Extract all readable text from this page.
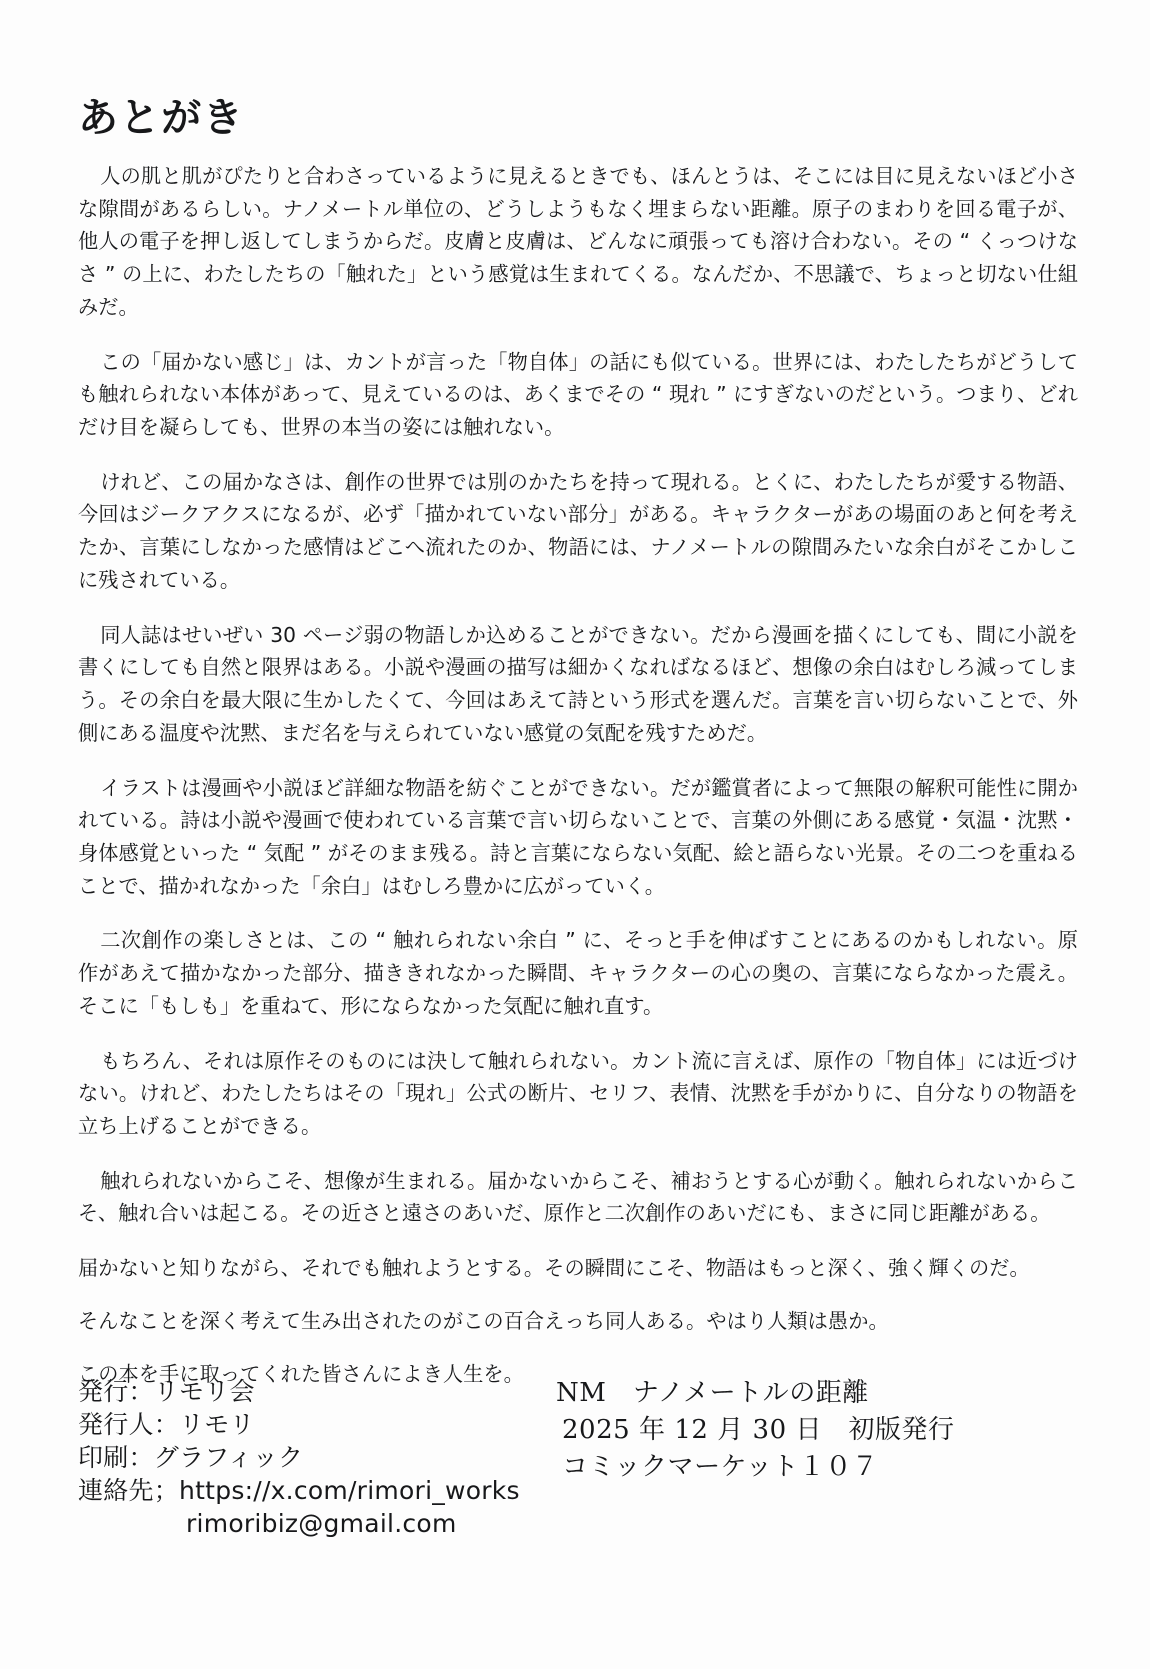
あとがき

人の肌と肌がぴたりと合わさっているように見えるときでも、ほんとうは、そこには目に見えないほど小さな隙間があるらしい。ナノメートル単位の、どうしようもなく埋まらない距離。原子のまわりを回る電子が、他人の電子を押し返してしまうからだ。皮膚と皮膚は、どんなに頑張っても溶け合わない。その “ くっつけなさ ” の上に、わたしたちの「触れた」という感覚は生まれてくる。なんだか、不思議で、ちょっと切ない仕組みだ。

この「届かない感じ」は、カントが言った「物自体」の話にも似ている。世界には、わたしたちがどうしても触れられない本体があって、見えているのは、あくまでその “ 現れ ” にすぎないのだという。つまり、どれだけ目を凝らしても、世界の本当の姿には触れない。

けれど、この届かなさは、創作の世界では別のかたちを持って現れる。とくに、わたしたちが愛する物語、今回はジークアクスになるが、必ず「描かれていない部分」がある。キャラクターがあの場面のあと何を考えたか、言葉にしなかった感情はどこへ流れたのか、物語には、ナノメートルの隙間みたいな余白がそこかしこに残されている。

同人誌はせいぜい 30 ページ弱の物語しか込めることができない。だから漫画を描くにしても、間に小説を書くにしても自然と限界はある。小説や漫画の描写は細かくなればなるほど、想像の余白はむしろ減ってしまう。その余白を最大限に生かしたくて、今回はあえて詩という形式を選んだ。言葉を言い切らないことで、外側にある温度や沈黙、まだ名を与えられていない感覚の気配を残すためだ。

イラストは漫画や小説ほど詳細な物語を紡ぐことができない。だが鑑賞者によって無限の解釈可能性に開かれている。詩は小説や漫画で使われている言葉で言い切らないことで、言葉の外側にある感覚・気温・沈黙・身体感覚といった “ 気配 ” がそのまま残る。詩と言葉にならない気配、絵と語らない光景。その二つを重ねることで、描かれなかった「余白」はむしろ豊かに広がっていく。

二次創作の楽しさとは、この “ 触れられない余白 ” に、そっと手を伸ばすことにあるのかもしれない。原作があえて描かなかった部分、描ききれなかった瞬間、キャラクターの心の奥の、言葉にならなかった震え。そこに「もしも」を重ねて、形にならなかった気配に触れ直す。

もちろん、それは原作そのものには決して触れられない。カント流に言えば、原作の「物自体」には近づけない。けれど、わたしたちはその「現れ」公式の断片、セリフ、表情、沈黙を手がかりに、自分なりの物語を立ち上げることができる。

触れられないからこそ、想像が生まれる。届かないからこそ、補おうとする心が動く。触れられないからこそ、触れ合いは起こる。その近さと遠さのあいだ、原作と二次創作のあいだにも、まさに同じ距離がある。

届かないと知りながら、それでも触れようとする。その瞬間にこそ、物語はもっと深く、強く輝くのだ。

そんなことを深く考えて生み出されたのがこの百合えっち同人ある。やはり人類は愚か。

この本を手に取ってくれた皆さんによき人生を。

発行：リモリ会
発行人：リモリ
印刷：グラフィック
連絡先；https://x.com/rimori_works
rimoribiz@gmail.com
NM　ナノメートルの距離
2025 年 12 月 30 日　初版発行
コミックマーケット１０７
